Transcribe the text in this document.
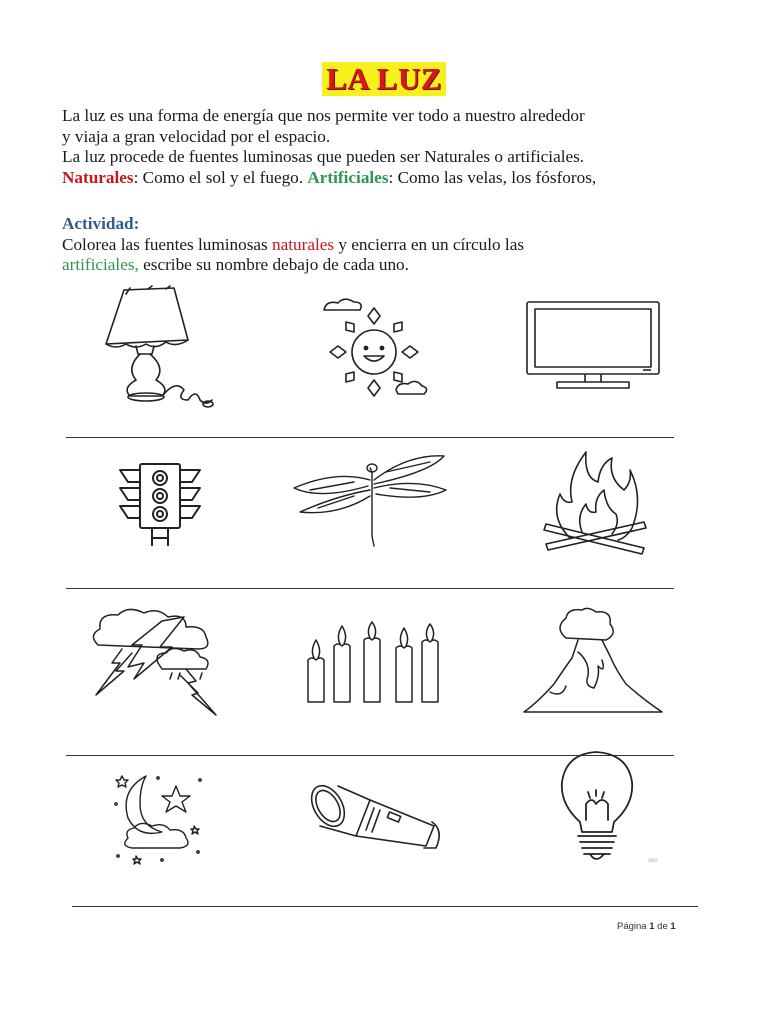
LA LUZ

La luz es una forma de energía que nos permite ver todo a nuestro alrededor

y viaja a gran velocidad por el espacio.

La luz procede de fuentes luminosas que pueden ser Naturales o artificiales.

Naturales: Como el sol y el fuego. Artificiales: Como las velas, los fósforos,

Actividad:

Colorea las fuentes luminosas naturales y encierra en un círculo las

artificiales, escribe su nombre debajo de cada uno.

seo
Página 1 de 1
